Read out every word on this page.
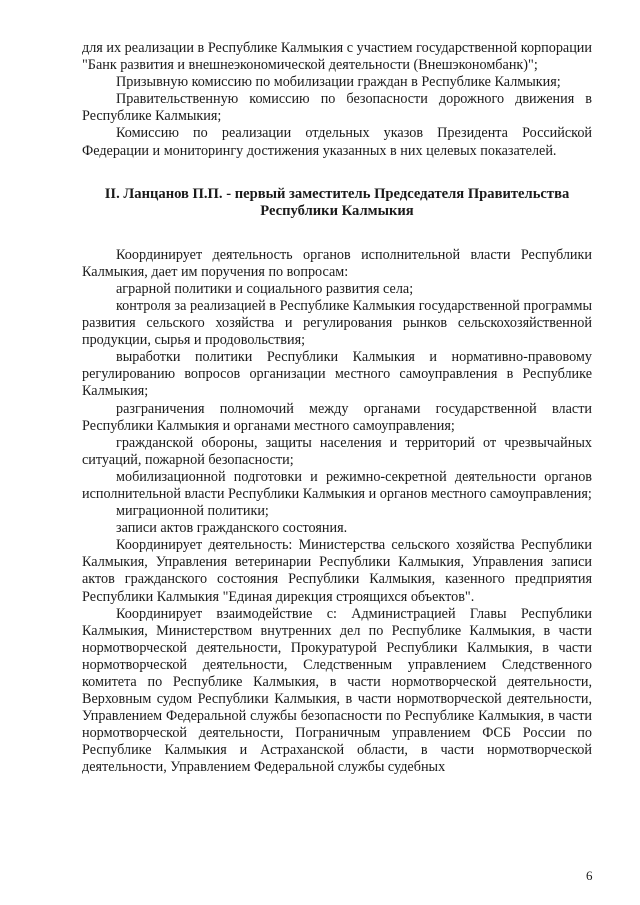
для их реализации в Республике Калмыкия с участием государственной корпорации "Банк развития и внешнеэкономической деятельности (Внешэкономбанк)";

Призывную комиссию по мобилизации граждан в Республике Калмыкия;

Правительственную комиссию по безопасности дорожного движения в Республике Калмыкия;

Комиссию по реализации отдельных указов Президента Российской Федерации и мониторингу достижения указанных в них целевых показателей.

II. Ланцанов П.П. - первый заместитель Председателя Правительства
Республики Калмыкия

Координирует деятельность органов исполнительной власти Республики Калмыкия, дает им поручения по вопросам:

аграрной политики и социального развития села;

контроля за реализацией в Республике Калмыкия государственной программы развития сельского хозяйства и регулирования рынков сельскохозяйственной продукции, сырья и продовольствия;

выработки политики Республики Калмыкия и нормативно-правовому регулированию вопросов организации местного самоуправления в Республике Калмыкия;

разграничения полномочий между органами государственной власти Республики Калмыкия и органами местного самоуправления;

гражданской обороны, защиты населения и территорий от чрезвычайных ситуаций, пожарной безопасности;

мобилизационной подготовки и режимно-секретной деятельности органов исполнительной власти Республики Калмыкия и органов местного самоуправления;

миграционной политики;

записи актов гражданского состояния.

Координирует деятельность: Министерства сельского хозяйства Республики Калмыкия, Управления ветеринарии Республики Калмыкия, Управления записи актов гражданского состояния Республики Калмыкия, казенного предприятия Республики Калмыкия "Единая дирекция строящихся объектов".

Координирует взаимодействие с: Администрацией Главы Республики Калмыкия, Министерством внутренних дел по Республике Калмыкия, в части нормотворческой деятельности, Прокуратурой Республики Калмыкия, в части нормотворческой деятельности, Следственным управлением Следственного комитета по Республике Калмыкия, в части нормотворческой деятельности, Верховным судом Республики Калмыкия, в части нормотворческой деятельности, Управлением Федеральной службы безопасности по Республике Калмыкия, в части нормотворческой деятельности, Пограничным управлением ФСБ России по Республике Калмыкия и Астраханской области, в части нормотворческой деятельности, Управлением Федеральной службы судебных

6
